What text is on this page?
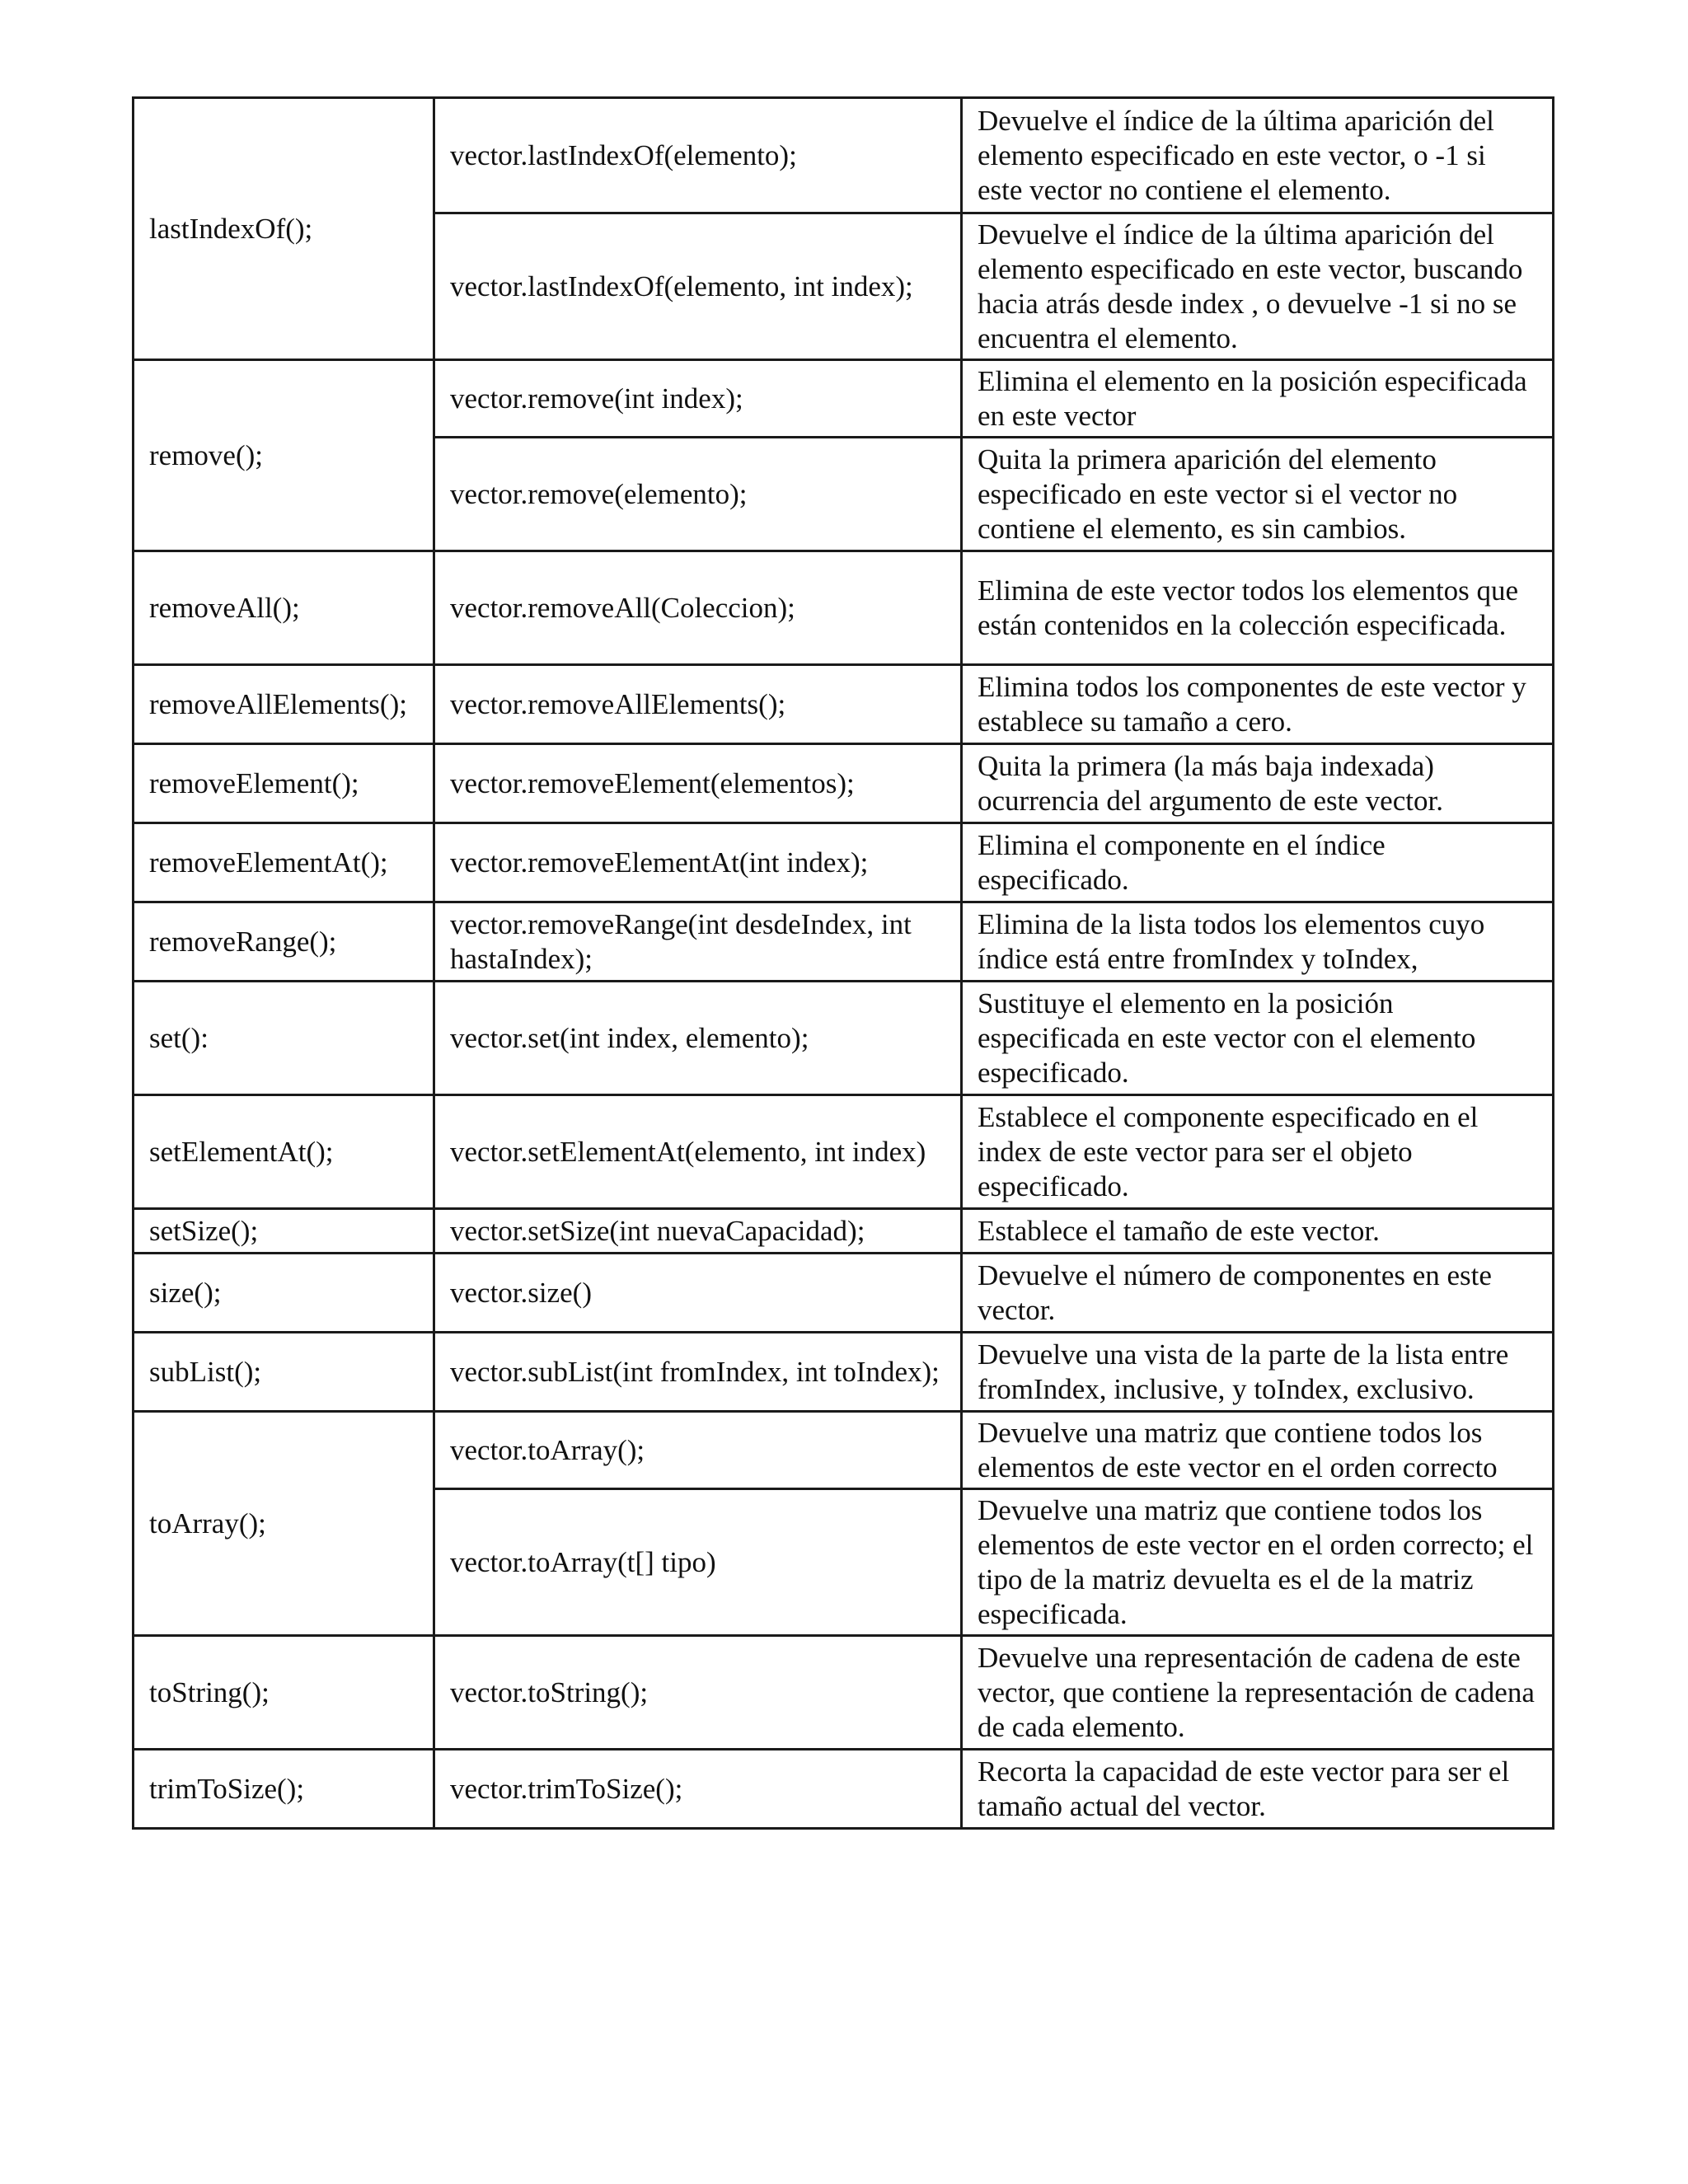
lastIndexOf();	vector.lastIndexOf(elemento);	Devuelve el índice de la última aparición del elemento especificado en este vector, o -1 si este vector no contiene el elemento.
	vector.lastIndexOf(elemento, int index);	Devuelve el índice de la última aparición del elemento especificado en este vector, buscando hacia atrás desde index , o devuelve -1 si no se encuentra el elemento.
remove();	vector.remove(int index);	Elimina el elemento en la posición especificada en este vector
	vector.remove(elemento);	Quita la primera aparición del elemento especificado en este vector si el vector no contiene el elemento, es sin cambios.
removeAll();	vector.removeAll(Coleccion);	Elimina de este vector todos los elementos que están contenidos en la colección especificada.
removeAllElements();	vector.removeAllElements();	Elimina todos los componentes de este vector y establece su tamaño a cero.
removeElement();	vector.removeElement(elementos);	Quita la primera (la más baja indexada) ocurrencia del argumento de este vector.
removeElementAt();	vector.removeElementAt(int index);	Elimina el componente en el índice especificado.
removeRange();	vector.removeRange(int desdeIndex, int hastaIndex);	Elimina de la lista todos los elementos cuyo índice está entre fromIndex y toIndex,
set():	vector.set(int index, elemento);	Sustituye el elemento en la posición especificada en este vector con el elemento especificado.
setElementAt();	vector.setElementAt(elemento, int index)	Establece el componente especificado en el index de este vector para ser el objeto especificado.
setSize();	vector.setSize(int nuevaCapacidad);	Establece el tamaño de este vector.
size();	vector.size()	Devuelve el número de componentes en este vector.
subList();	vector.subList(int fromIndex, int toIndex);	Devuelve una vista de la parte de la lista entre fromIndex, inclusive, y toIndex, exclusivo.
toArray();	vector.toArray();	Devuelve una matriz que contiene todos los elementos de este vector en el orden correcto
	vector.toArray(t[] tipo)	Devuelve una matriz que contiene todos los elementos de este vector en el orden correcto; el tipo de la matriz devuelta es el de la matriz especificada.
toString();	vector.toString();	Devuelve una representación de cadena de este vector, que contiene la representación de cadena de cada elemento.
trimToSize();	vector.trimToSize();	Recorta la capacidad de este vector para ser el tamaño actual del vector.
